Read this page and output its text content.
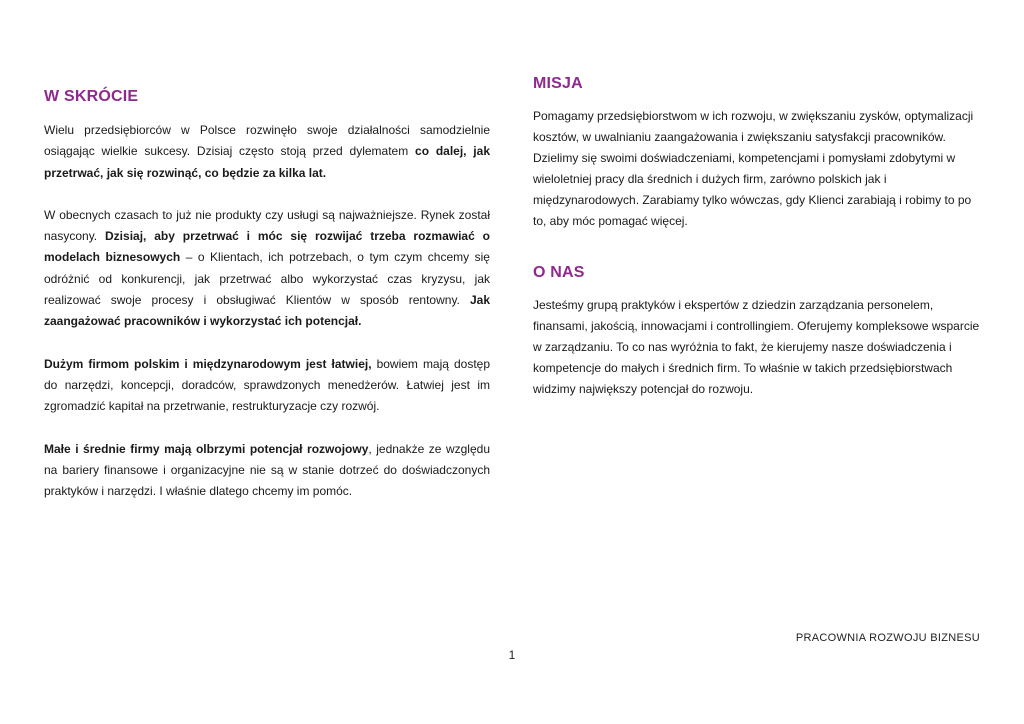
W SKRÓCIE

Wielu przedsiębiorców w Polsce rozwinęło swoje działalności samodzielnie osiągając wielkie sukcesy. Dzisiaj często stoją przed dylematem co dalej, jak przetrwać, jak się rozwinąć, co będzie za kilka lat.

W obecnych czasach to już nie produkty czy usługi są najważniejsze. Rynek został nasycony. Dzisiaj, aby przetrwać i móc się rozwijać trzeba rozmawiać o modelach biznesowych – o Klientach, ich potrzebach, o tym czym chcemy się odróżnić od konkurencji, jak przetrwać albo wykorzystać czas kryzysu, jak realizować swoje procesy i obsługiwać Klientów w sposób rentowny. Jak zaangażować pracowników i wykorzystać ich potencjał.

Dużym firmom polskim i międzynarodowym jest łatwiej, bowiem mają dostęp do narzędzi, koncepcji, doradców, sprawdzonych menedżerów. Łatwiej jest im zgromadzić kapitał na przetrwanie, restrukturyzacje czy rozwój.

Małe i średnie firmy mają olbrzymi potencjał rozwojowy, jednakże ze względu na bariery finansowe i organizacyjne nie są w stanie dotrzeć do doświadczonych praktyków i narzędzi. I właśnie dlatego chcemy im pomóc.

MISJA

Pomagamy przedsiębiorstwom w ich rozwoju, w zwiększaniu zysków, optymalizacji kosztów, w uwalnianiu zaangażowania i zwiększaniu satysfakcji pracowników. Dzielimy się swoimi doświadczeniami, kompetencjami i pomysłami zdobytymi w wieloletniej pracy dla średnich i dużych firm, zarówno polskich jak i międzynarodowych. Zarabiamy tylko wówczas, gdy Klienci zarabiają i robimy to po to, aby móc pomagać więcej.

O NAS

Jesteśmy grupą praktyków i ekspertów z dziedzin zarządzania personelem, finansami, jakością, innowacjami i controllingiem. Oferujemy kompleksowe wsparcie w zarządzaniu. To co nas wyróżnia to fakt, że kierujemy nasze doświadczenia i kompetencje do małych i średnich firm. To właśnie w takich przedsiębiorstwach widzimy największy potencjał do rozwoju.

PRACOWNIA ROZWOJU BIZNESU
1
